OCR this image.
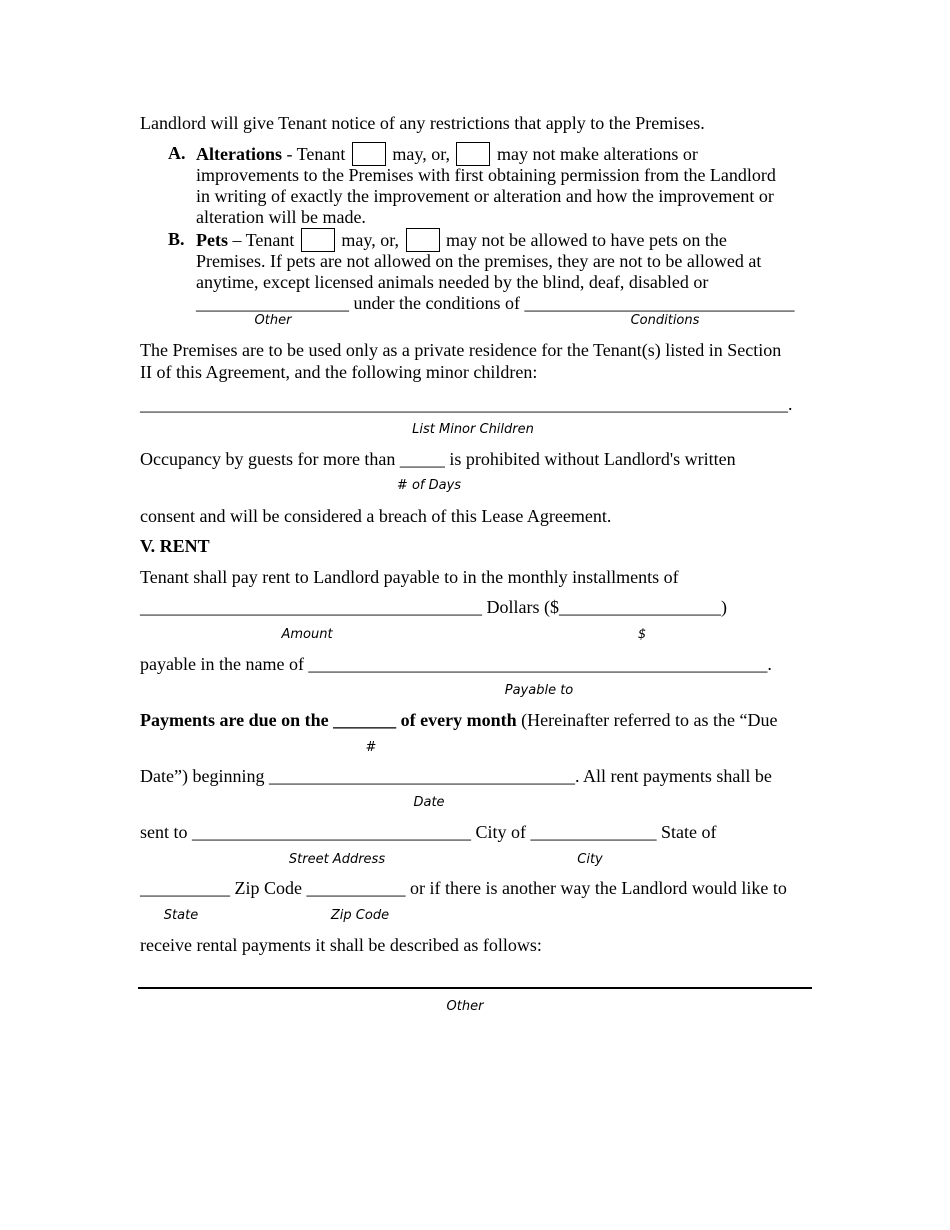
Landlord will give Tenant notice of any restrictions that apply to the Premises.
A. Alterations - Tenant  may, or,  may not make alterations or
improvements to the Premises with first obtaining permission from the Landlord
in writing of exactly the improvement or alteration and how the improvement or
alteration will be made.
B. Pets – Tenant  may, or,  may not be allowed to have pets on the
Premises. If pets are not allowed on the premises, they are not to be allowed at
anytime, except licensed animals needed by the blind, deaf, disabled or
_________________ under the conditions of ______________________________
Other	Conditions
The Premises are to be used only as a private residence for the Tenant(s) listed in Section
II of this Agreement, and the following minor children:
________________________________________________________________________.
List Minor Children
Occupancy by guests for more than _____ is prohibited without Landlord's written
# of Days
consent and will be considered a breach of this Lease Agreement.
V. RENT
Tenant shall pay rent to Landlord payable to in the monthly installments of
______________________________________ Dollars ($__________________)
Amount	$
payable in the name of ___________________________________________________.
Payable to
Payments are due on the _______ of every month (Hereinafter referred to as the “Due
#
Date”) beginning __________________________________. All rent payments shall be
Date
sent to _______________________________ City of ______________ State of
Street Address	City
__________ Zip Code ___________ or if there is another way the Landlord would like to
State	Zip Code
receive rental payments it shall be described as follows:
Other
